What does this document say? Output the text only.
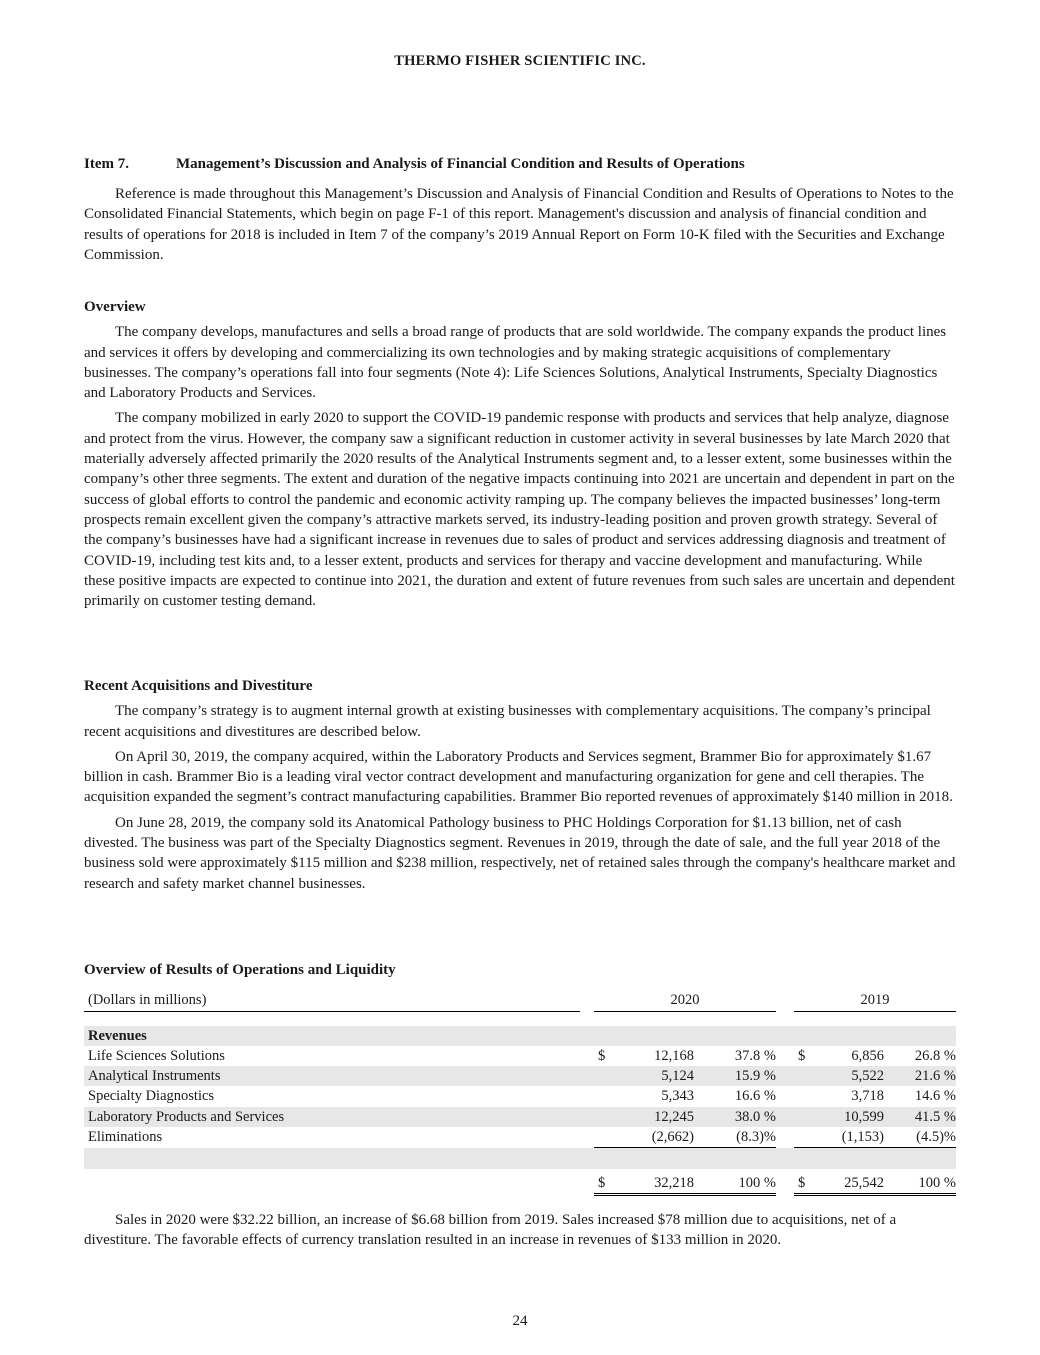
THERMO FISHER SCIENTIFIC INC.
Item 7.	Management’s Discussion and Analysis of Financial Condition and Results of Operations

Reference is made throughout this Management’s Discussion and Analysis of Financial Condition and Results of Operations to Notes to the Consolidated Financial Statements, which begin on page F-1 of this report. Management's discussion and analysis of financial condition and results of operations for 2018 is included in Item 7 of the company’s 2019 Annual Report on Form 10-K filed with the Securities and Exchange Commission.

Overview

The company develops, manufactures and sells a broad range of products that are sold worldwide. The company expands the product lines and services it offers by developing and commercializing its own technologies and by making strategic acquisitions of complementary businesses. The company’s operations fall into four segments (Note 4): Life Sciences Solutions, Analytical Instruments, Specialty Diagnostics and Laboratory Products and Services.

The company mobilized in early 2020 to support the COVID-19 pandemic response with products and services that help analyze, diagnose and protect from the virus. However, the company saw a significant reduction in customer activity in several businesses by late March 2020 that materially adversely affected primarily the 2020 results of the Analytical Instruments segment and, to a lesser extent, some businesses within the company’s other three segments. The extent and duration of the negative impacts continuing into 2021 are uncertain and dependent in part on the success of global efforts to control the pandemic and economic activity ramping up. The company believes the impacted businesses’ long-term prospects remain excellent given the company’s attractive markets served, its industry-leading position and proven growth strategy. Several of the company’s businesses have had a significant increase in revenues due to sales of product and services addressing diagnosis and treatment of COVID-19, including test kits and, to a lesser extent, products and services for therapy and vaccine development and manufacturing. While these positive impacts are expected to continue into 2021, the duration and extent of future revenues from such sales are uncertain and dependent primarily on customer testing demand.

Recent Acquisitions and Divestiture

The company’s strategy is to augment internal growth at existing businesses with complementary acquisitions. The company’s principal recent acquisitions and divestitures are described below.

On April 30, 2019, the company acquired, within the Laboratory Products and Services segment, Brammer Bio for approximately $1.67 billion in cash. Brammer Bio is a leading viral vector contract development and manufacturing organization for gene and cell therapies. The acquisition expanded the segment’s contract manufacturing capabilities. Brammer Bio reported revenues of approximately $140 million in 2018.

On June 28, 2019, the company sold its Anatomical Pathology business to PHC Holdings Corporation for $1.13 billion, net of cash divested. The business was part of the Specialty Diagnostics segment. Revenues in 2019, through the date of sale, and the full year 2018 of the business sold were approximately $115 million and $238 million, respectively, net of retained sales through the company's healthcare market and research and safety market channel businesses.

Overview of Results of Operations and Liquidity

(Dollars in millions)		2020				2019		

Revenues								
Life Sciences Solutions		$	12,168	37.8 %		$	6,856	26.8 %
Analytical Instruments			5,124	15.9 %			5,522	21.6 %
Specialty Diagnostics			5,343	16.6 %			3,718	14.6 %
Laboratory Products and Services			12,245	38.0 %			10,599	41.5 %
Eliminations			(2,662)	(8.3)%			(1,153)	(4.5)%

		$	32,218	100 %		$	25,542	100 %

Sales in 2020 were $32.22 billion, an increase of $6.68 billion from 2019. Sales increased $78 million due to acquisitions, net of a divestiture. The favorable effects of currency translation resulted in an increase in revenues of $133 million in 2020.

24
